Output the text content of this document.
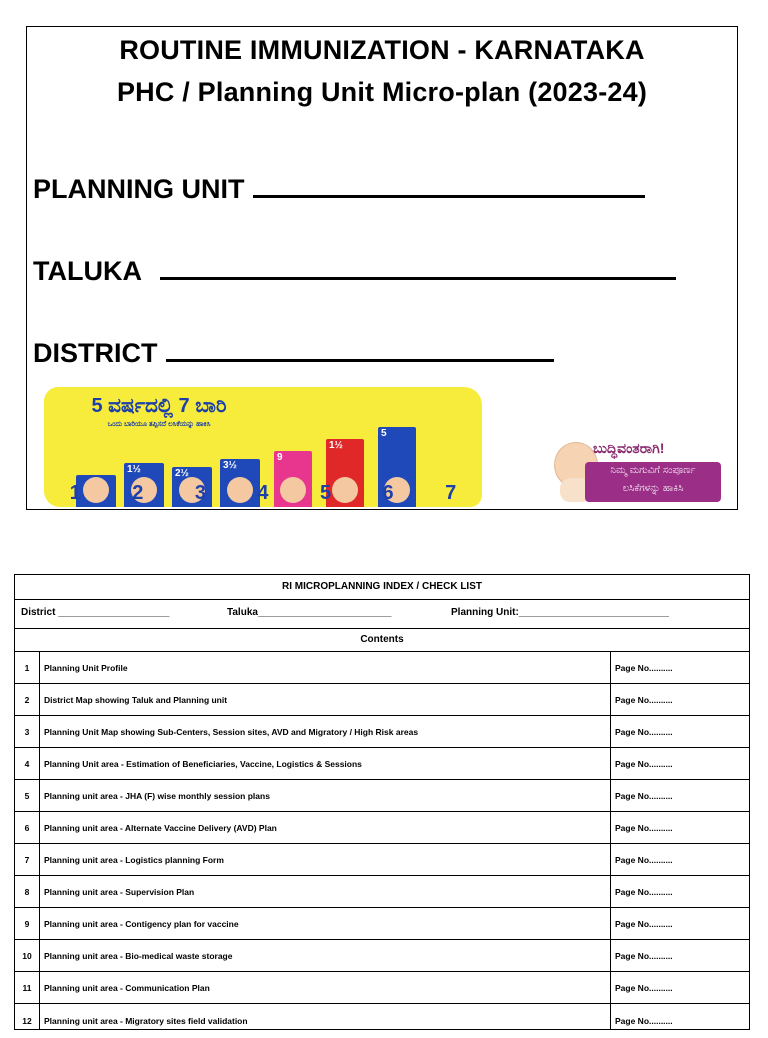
ROUTINE IMMUNIZATION - KARNATAKA
PHC / Planning Unit Micro-plan (2023-24)
PLANNING UNIT
TALUKA
DISTRICT
5 ವರ್ಷದಲ್ಲಿ 7 ಬಾರಿ
ಒಂದು ಬಾರಿಯೂ ತಪ್ಪಿಸದೆ ಲಸಿಕೆಯನ್ನು ಹಾಕಿಸಿ
1½	2½
3½
9
1½
5
1	2	3	4	5	6	7
ಬುದ್ಧಿವಂತರಾಗಿ!
ನಿಮ್ಮ ಮಗುವಿಗೆ ಸಂಪೂರ್ಣ
ಲಸಿಕೆಗಳನ್ನು ಹಾಕಿಸಿ
RI MICROPLANNING INDEX / CHECK LIST
District ____________________	Taluka________________________	Planning Unit:___________________________
Contents
1	Planning Unit Profile	Page No..........
2	District Map showing Taluk and Planning unit	Page No..........
3	Planning Unit Map showing Sub-Centers, Session sites, AVD and Migratory / High Risk areas	Page No..........
4	Planning Unit area - Estimation of Beneficiaries, Vaccine, Logistics & Sessions	Page No..........
5	Planning unit area - JHA (F) wise monthly session plans	Page No..........
6	Planning unit area - Alternate Vaccine Delivery (AVD) Plan	Page No..........
7	Planning unit area - Logistics planning Form	Page No..........
8	Planning unit area - Supervision Plan	Page No..........
9	Planning unit area - Contigency plan for vaccine	Page No..........
10	Planning unit area - Bio-medical waste storage	Page No..........
11	Planning unit area - Communication Plan	Page No..........
12	Planning unit area - Migratory sites field validation	Page No..........
